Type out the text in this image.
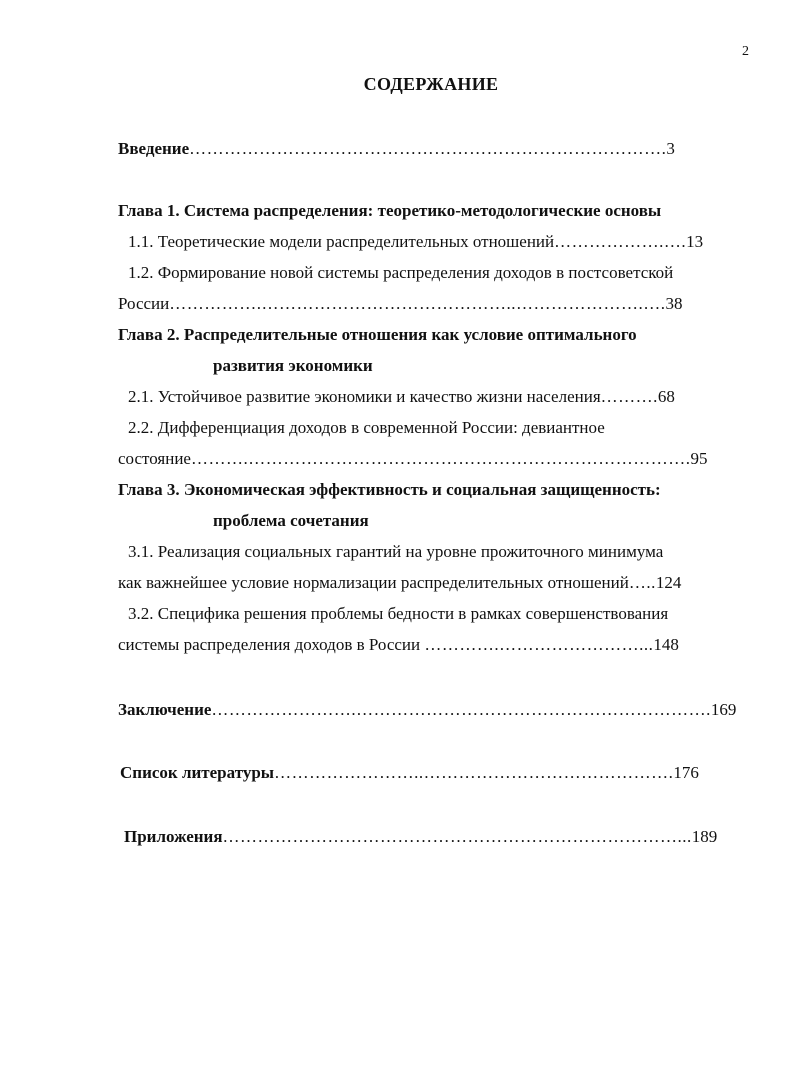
2
СОДЕРЖАНИЕ
Введение……………………………………………………………………….3
Глава 1. Система распределения: теоретико-методологические основы
1.1. Теоретические модели распределительных отношений……………….….13
1.2. Формирование новой системы распределения доходов в постсоветской
России…………….……………………………………..………………….….38
Глава 2. Распределительные отношения как условие оптимального
развития экономики
2.1. Устойчивое развитие экономики и качество жизни населения……….68
2.2. Дифференциация доходов в современной России: девиантное
состояние……….………………………………………………………………….95
Глава 3. Экономическая эффективность и социальная защищенность:
проблема сочетания
3.1. Реализация социальных гарантий на уровне прожиточного минимума
как важнейшее условие нормализации распределительных отношений…..124
3.2. Специфика решения проблемы бедности в рамках совершенствования
системы распределения доходов в России ………….……………………...148
Заключение…………………….…………………………………………………….169
Список литературы……………………..…………………………………….176
Приложения……………………………………………………………………...189
